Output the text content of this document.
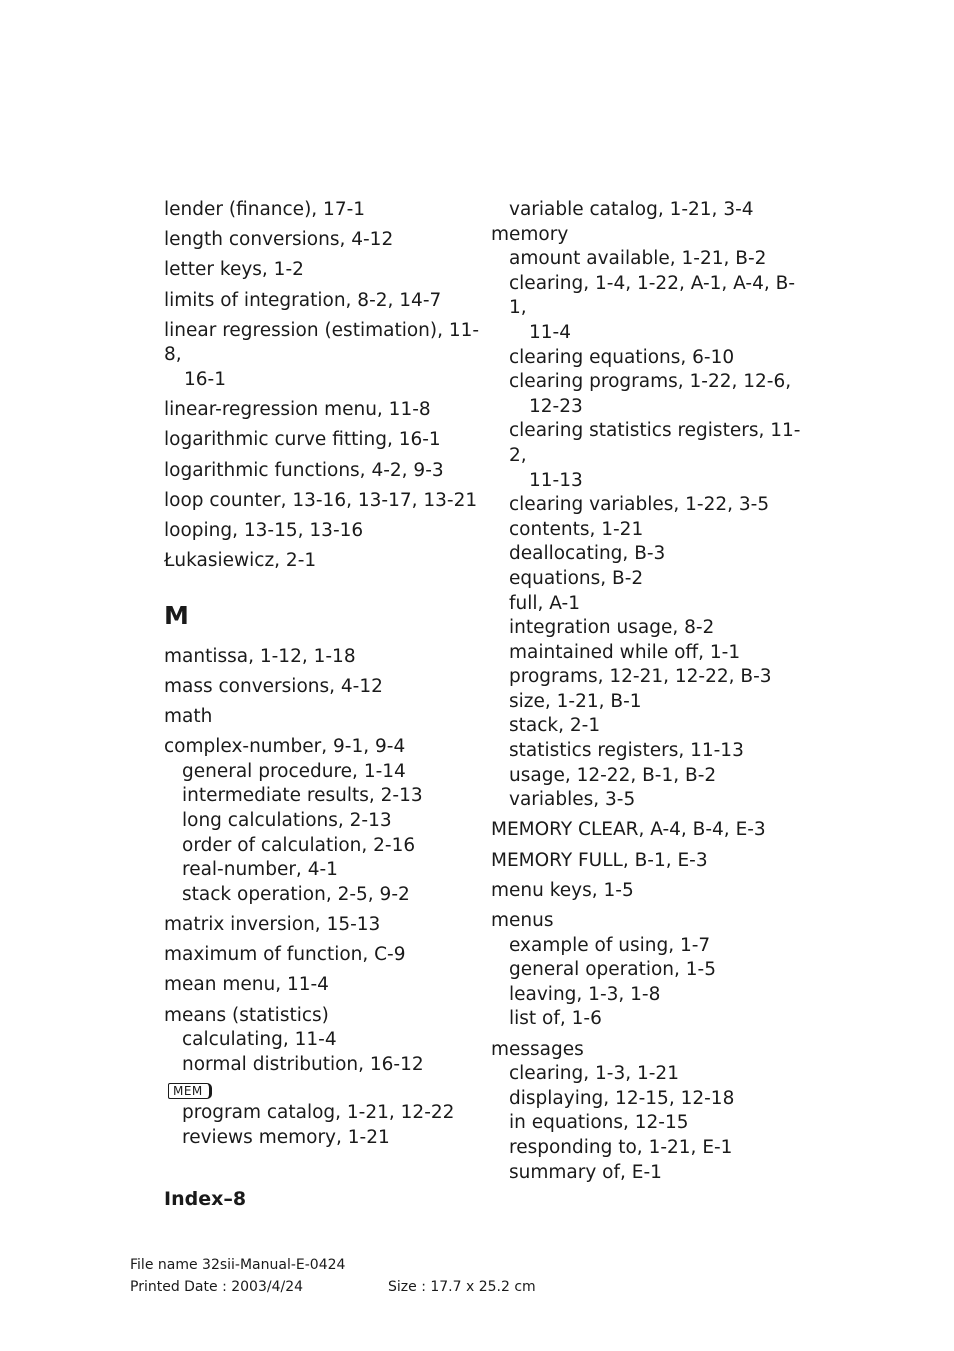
lender (finance), 17-1
length conversions, 4-12
letter keys, 1-2
limits of integration, 8-2, 14-7
linear regression (estimation), 11-8,
16-1
linear-regression menu, 11-8
logarithmic curve fitting, 16-1
logarithmic functions, 4-2, 9-3
loop counter, 13-16, 13-17, 13-21
looping, 13-15, 13-16
Łukasiewicz, 2-1
M
mantissa, 1-12, 1-18
mass conversions, 4-12
math
complex-number, 9-1, 9-4
general procedure, 1-14
intermediate results, 2-13
long calculations, 2-13
order of calculation, 2-16
real-number, 4-1
stack operation, 2-5, 9-2
matrix inversion, 15-13
maximum of function, C-9
mean menu, 11-4
means (statistics)
calculating, 11-4
normal distribution, 16-12
MEM
program catalog, 1-21, 12-22
reviews memory, 1-21
variable catalog, 1-21, 3-4
memory
amount available, 1-21, B-2
clearing, 1-4, 1-22, A-1, A-4, B-1,
11-4
clearing equations, 6-10
clearing programs, 1-22, 12-6,
12-23
clearing statistics registers, 11-2,
11-13
clearing variables, 1-22, 3-5
contents, 1-21
deallocating, B-3
equations, B-2
full, A-1
integration usage, 8-2
maintained while off, 1-1
programs, 12-21, 12-22, B-3
size, 1-21, B-1
stack, 2-1
statistics registers, 11-13
usage, 12-22, B-1, B-2
variables, 3-5
MEMORY CLEAR, A-4, B-4, E-3
MEMORY FULL, B-1, E-3
menu keys, 1-5
menus
example of using, 1-7
general operation, 1-5
leaving, 1-3, 1-8
list of, 1-6
messages
clearing, 1-3, 1-21
displaying, 12-15, 12-18
in equations, 12-15
responding to, 1-21, E-1
summary of, E-1
Index–8
File name 32sii-Manual-E-0424
Printed Date : 2003/4/24	Size : 17.7 x 25.2 cm
